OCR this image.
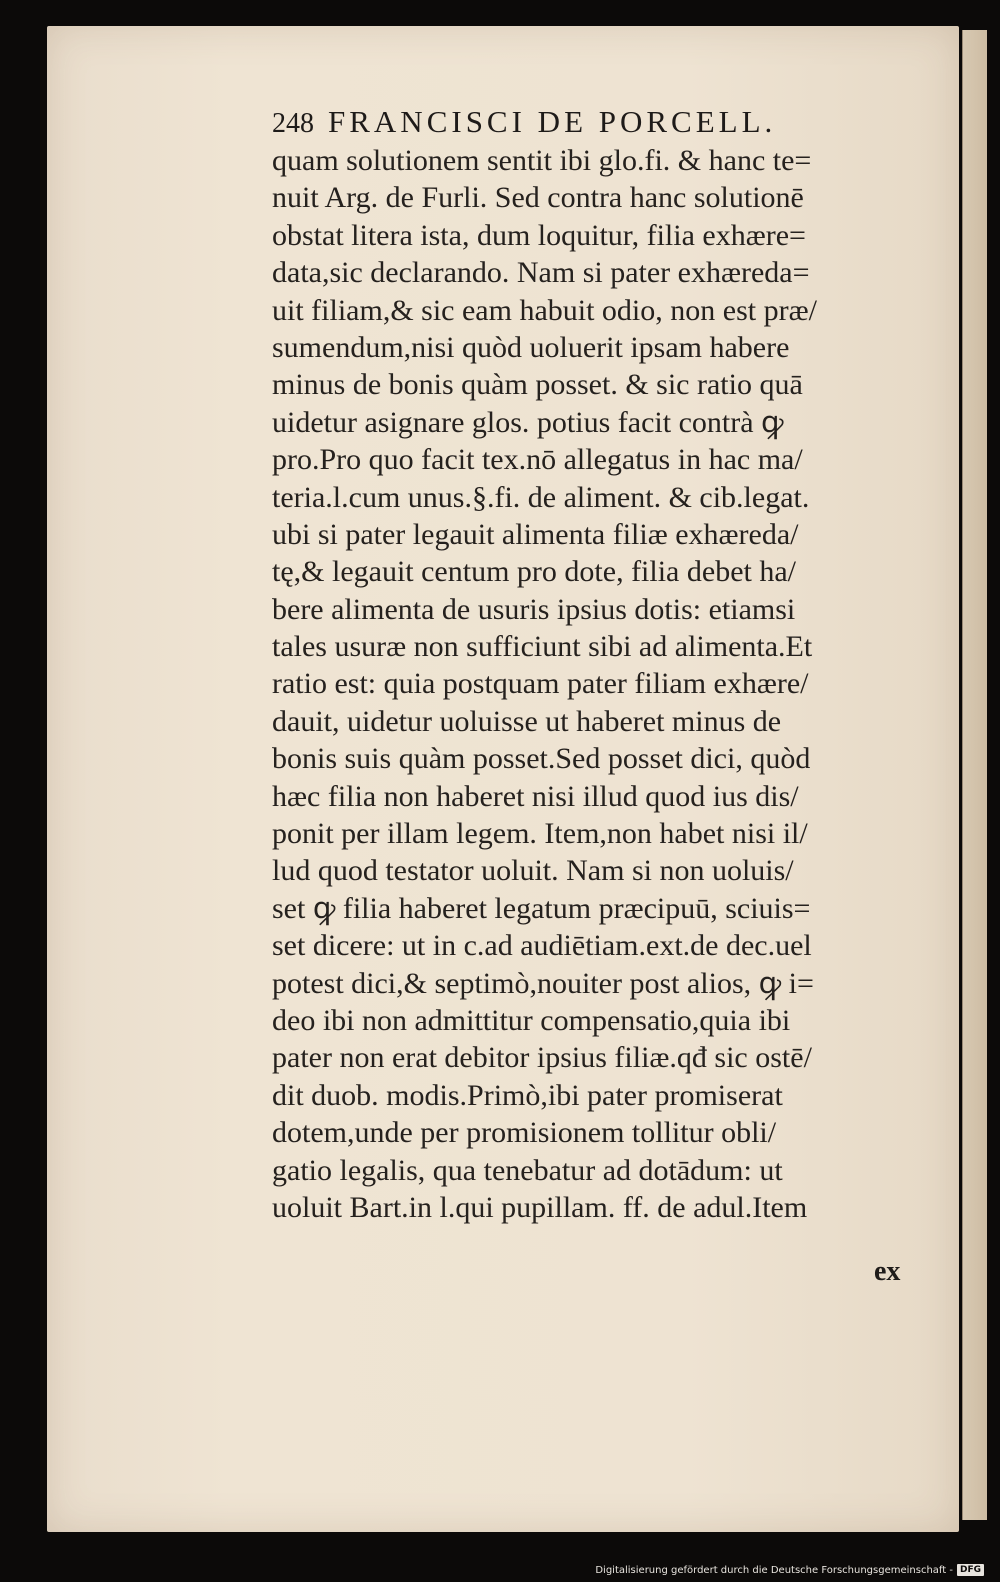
248 FRANCISCI DE PORCELL.
quam solutionem sentit ibi glo.fi. & hanc te=
nuit Arg. de Furli. Sed contra hanc solutionē
obstat litera ista, dum loquitur, filia exhære=
data,sic declarando. Nam si pater exhæreda=
uit filiam,& sic eam habuit odio, non est præ/
sumendum,nisi quòd uoluerit ipsam habere
minus de bonis quàm posset. & sic ratio quā
uidetur asignare glos. potius facit contrà ꝙ
pro.Pro quo facit tex.nō allegatus in hac ma/
teria.l.cum unus.§.fi. de aliment. & cib.legat.
ubi si pater legauit alimenta filiæ exhæreda/
tę,& legauit centum pro dote, filia debet ha/
bere alimenta de usuris ipsius dotis: etiamsi
tales usuræ non sufficiunt sibi ad alimenta.Et
ratio est: quia postquam pater filiam exhære/
dauit, uidetur uoluisse ut haberet minus de
bonis suis quàm posset.Sed posset dici, quòd
hæc filia non haberet nisi illud quod ius dis/
ponit per illam legem. Item,non habet nisi il/
lud quod testator uoluit. Nam si non uoluis/
set ꝙ filia haberet legatum præcipuū, sciuis=
set dicere: ut in c.ad audiētiam.ext.de dec.uel
potest dici,& septimò,nouiter post alios, ꝙ i=
deo ibi non admittitur compensatio,quia ibi
pater non erat debitor ipsius filiæ.qđ sic ostē/
dit duob. modis.Primò,ibi pater promiserat
dotem,unde per promisionem tollitur obli/
gatio legalis, qua tenebatur ad dotādum: ut
uoluit Bart.in l.qui pupillam. ff. de adul.Item
ex
Digitalisierung gefördert durch die Deutsche Forschungsgemeinschaft - DFG
